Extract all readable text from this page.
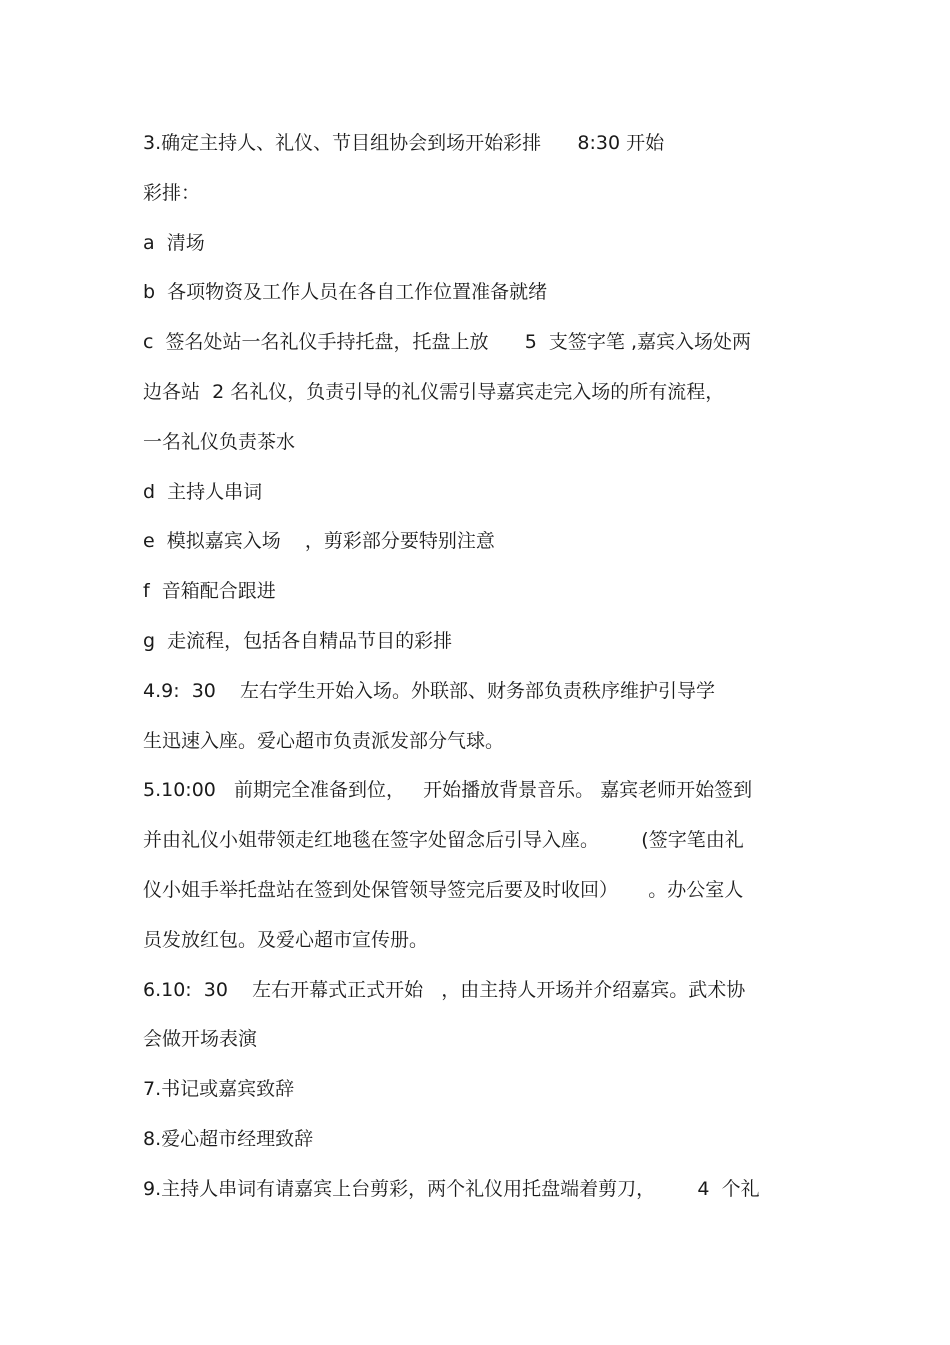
3.确定主持人、礼仪、节目组协会到场开始彩排      8:30 开始
彩排：
a  清场
b  各项物资及工作人员在各自工作位置准备就绪
c  签名处站一名礼仪手持托盘，托盘上放      5  支签字笔 ,嘉宾入场处两
边各站  2 名礼仪，负责引导的礼仪需引导嘉宾走完入场的所有流程，
一名礼仪负责茶水
d  主持人串词
e  模拟嘉宾入场    ，剪彩部分要特别注意
f  音箱配合跟进
g  走流程，包括各自精品节目的彩排
4.9:  30    左右学生开始入场。外联部、财务部负责秩序维护引导学
生迅速入座。爱心超市负责派发部分气球。
5.10:00   前期完全准备到位，   开始播放背景音乐。 嘉宾老师开始签到
并由礼仪小姐带领走红地毯在签字处留念后引导入座。       (签字笔由礼
仪小姐手举托盘站在签到处保管领导签完后要及时收回）     。办公室人
员发放红包。及爱心超市宣传册。
6.10:  30    左右开幕式正式开始   ，由主持人开场并介绍嘉宾。武术协
会做开场表演
7.书记或嘉宾致辞
8.爱心超市经理致辞
9.主持人串词有请嘉宾上台剪彩，两个礼仪用托盘端着剪刀，       4  个礼
